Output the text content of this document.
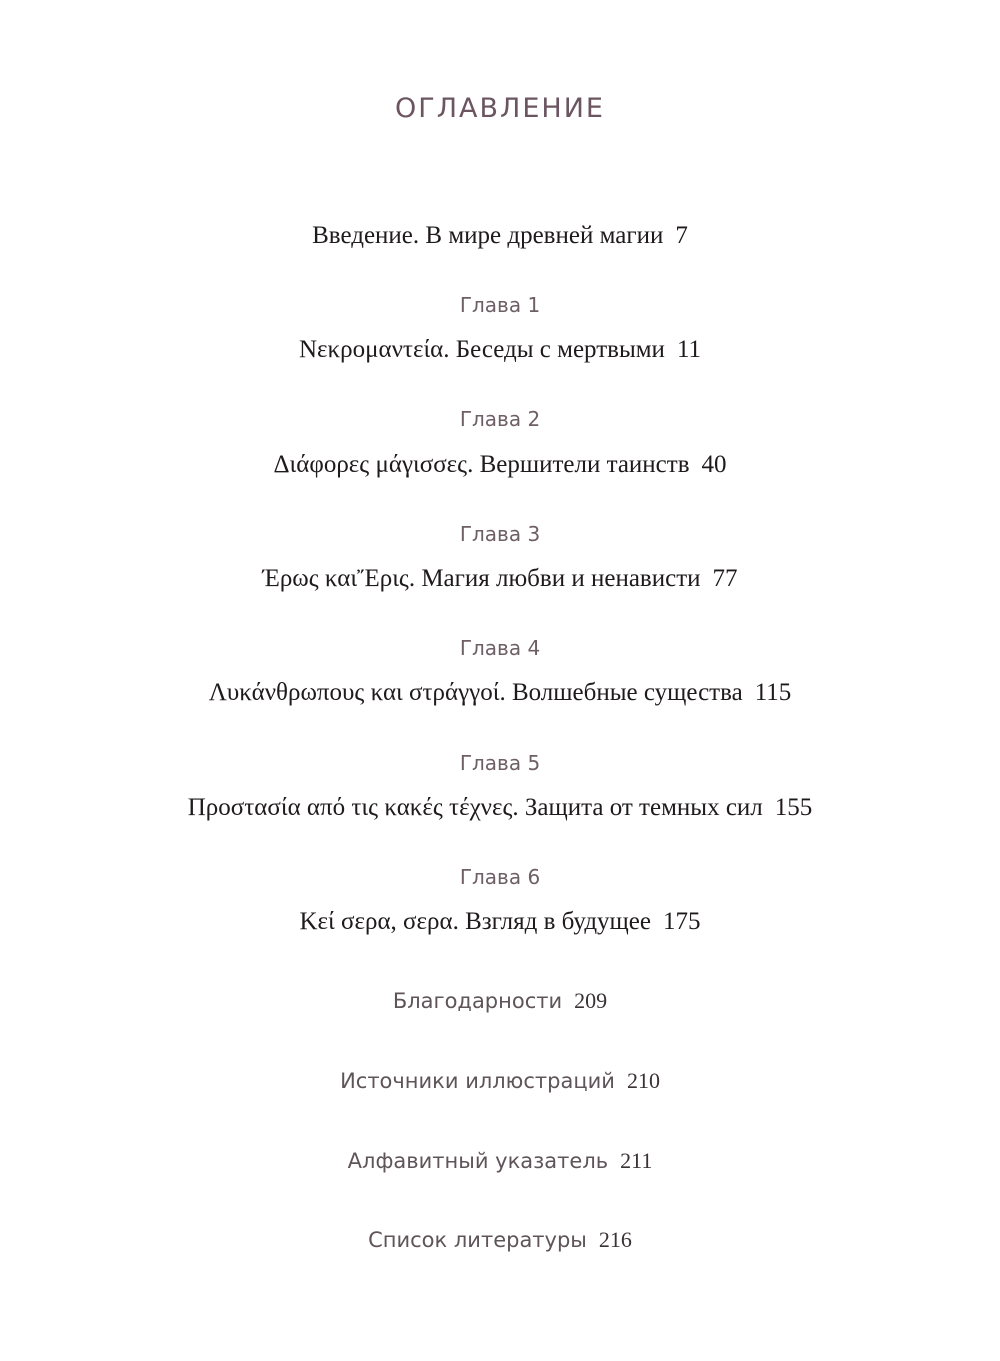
ОГЛАВЛЕНИЕ
Введение. В мире древней магии 7
Глава 1
Νεκρομαντεία. Беседы с мертвыми 11
Глава 2
Διάφορες μάγισσες. Вершители таинств 40
Глава 3
Έρως καιἜρις. Магия любви и ненависти 77
Глава 4
Λυκάνθρωπους και στράγγοί. Волшебные существа 115
Глава 5
Προστασία από τις κακές τέχνες. Защита от темных сил 155
Глава 6
Κεί σερα, σερα. Взгляд в будущее 175
Благодарности 209
Источники иллюстраций 210
Алфавитный указатель 211
Список литературы 216
